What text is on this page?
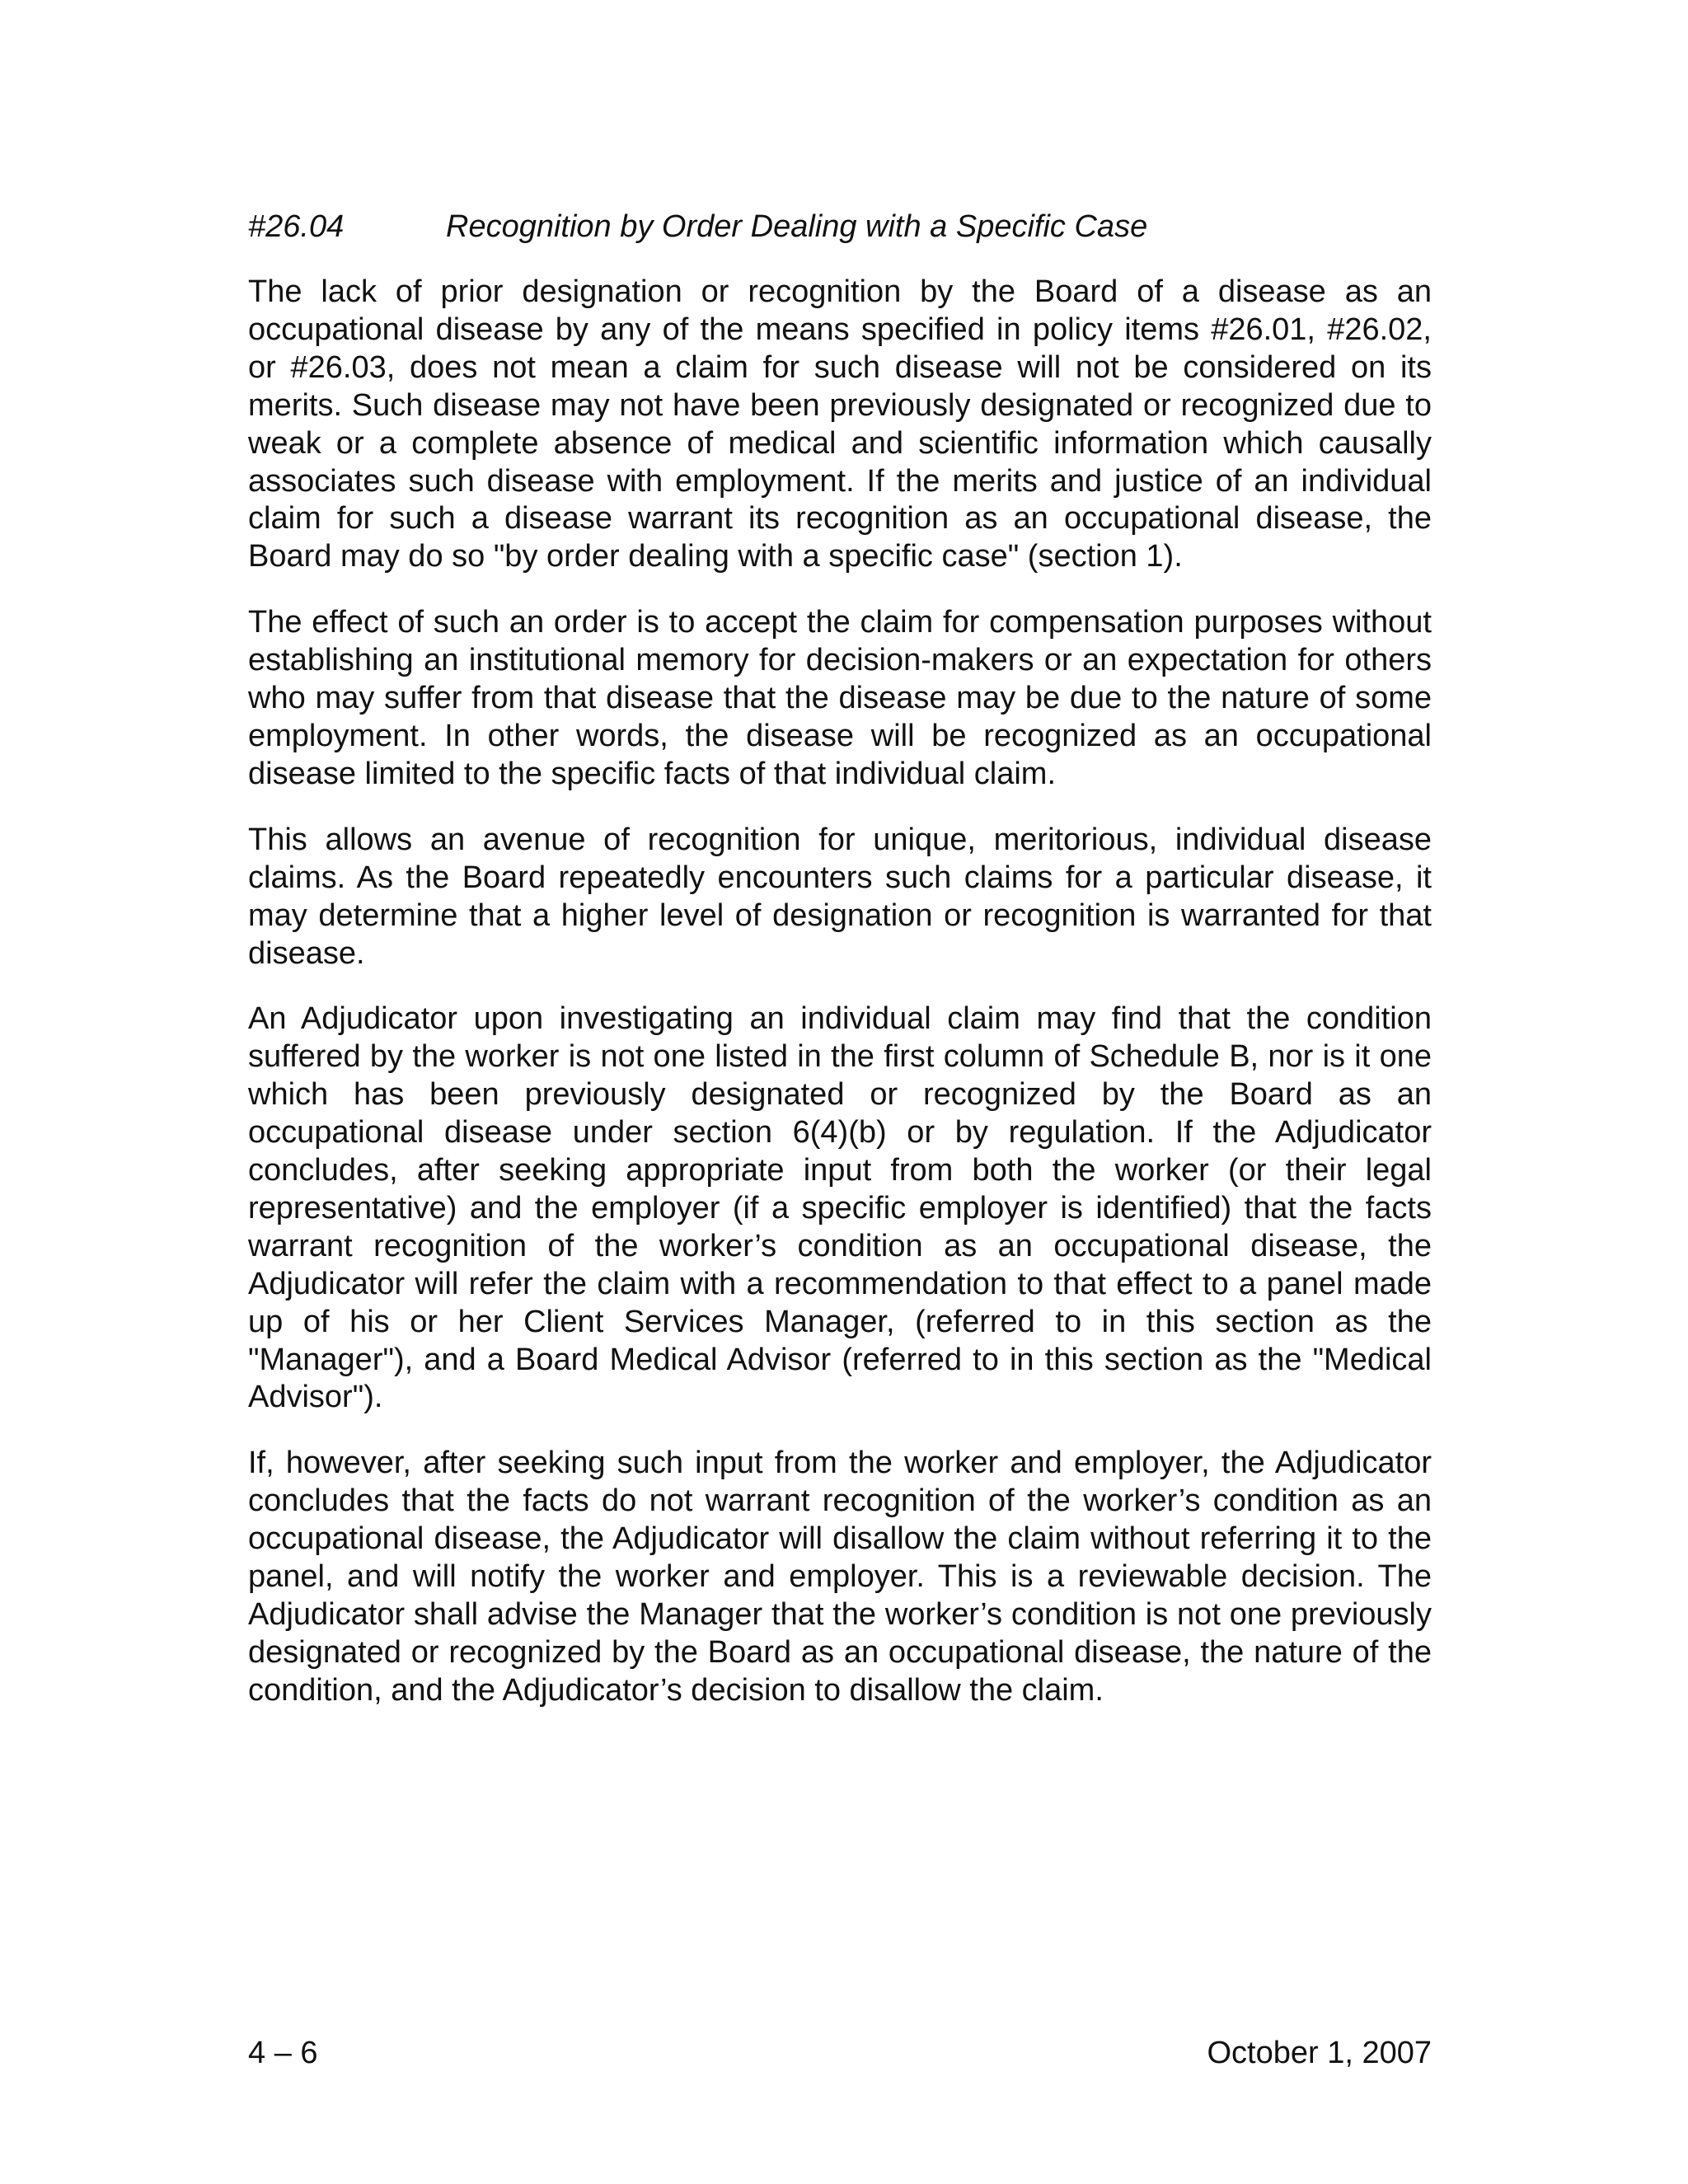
#26.04	Recognition by Order Dealing with a Specific Case

The lack of prior designation or recognition by the Board of a disease as an occupational disease by any of the means specified in policy items #26.01, #26.02, or #26.03, does not mean a claim for such disease will not be considered on its merits. Such disease may not have been previously designated or recognized due to weak or a complete absence of medical and scientific information which causally associates such disease with employment. If the merits and justice of an individual claim for such a disease warrant its recognition as an occupational disease, the Board may do so "by order dealing with a specific case" (section 1).

The effect of such an order is to accept the claim for compensation purposes without establishing an institutional memory for decision-makers or an expectation for others who may suffer from that disease that the disease may be due to the nature of some employment. In other words, the disease will be recognized as an occupational disease limited to the specific facts of that individual claim.

This allows an avenue of recognition for unique, meritorious, individual disease claims. As the Board repeatedly encounters such claims for a particular disease, it may determine that a higher level of designation or recognition is warranted for that disease.

An Adjudicator upon investigating an individual claim may find that the condition suffered by the worker is not one listed in the first column of Schedule B, nor is it one which has been previously designated or recognized by the Board as an occupational disease under section 6(4)(b) or by regulation. If the Adjudicator concludes, after seeking appropriate input from both the worker (or their legal representative) and the employer (if a specific employer is identified) that the facts warrant recognition of the worker’s condition as an occupational disease, the Adjudicator will refer the claim with a recommendation to that effect to a panel made up of his or her Client Services Manager, (referred to in this section as the "Manager"), and a Board Medical Advisor (referred to in this section as the "Medical Advisor").

If, however, after seeking such input from the worker and employer, the Adjudicator concludes that the facts do not warrant recognition of the worker’s condition as an occupational disease, the Adjudicator will disallow the claim without referring it to the panel, and will notify the worker and employer. This is a reviewable decision. The Adjudicator shall advise the Manager that the worker’s condition is not one previously designated or recognized by the Board as an occupational disease, the nature of the condition, and the Adjudicator’s decision to disallow the claim.

4 – 6	October 1, 2007
